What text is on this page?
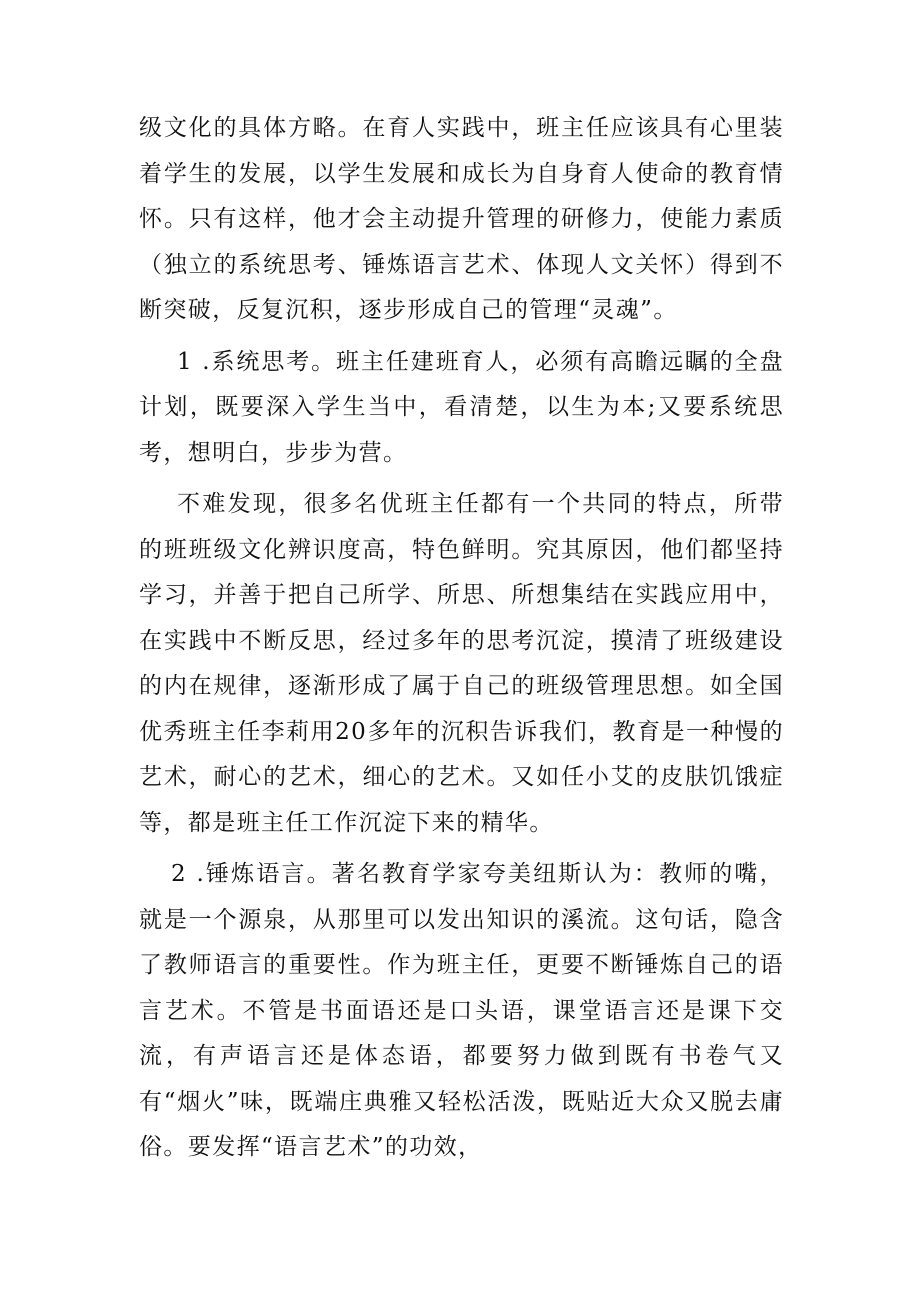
级文化的具体方略。在育人实践中，班主任应该具有心里装着学生的发展，以学生发展和成长为自身育人使命的教育情怀。只有这样，他才会主动提升管理的研修力，使能力素质（独立的系统思考、锤炼语言艺术、体现人文关怀）得到不断突破，反复沉积，逐步形成自己的管理“灵魂”。

1 .系统思考。班主任建班育人，必须有高瞻远瞩的全盘计划，既要深入学生当中，看清楚，以生为本;又要系统思考，想明白，步步为营。

不难发现，很多名优班主任都有一个共同的特点，所带的班班级文化辨识度高，特色鲜明。究其原因，他们都坚持学习，并善于把自己所学、所思、所想集结在实践应用中，在实践中不断反思，经过多年的思考沉淀，摸清了班级建设的内在规律，逐渐形成了属于自己的班级管理思想。如全国优秀班主任李莉用20多年的沉积告诉我们，教育是一种慢的艺术，耐心的艺术，细心的艺术。又如任小艾的皮肤饥饿症等，都是班主任工作沉淀下来的精华。

2 .锤炼语言。著名教育学家夸美纽斯认为：教师的嘴，就是一个源泉，从那里可以发出知识的溪流。这句话，隐含了教师语言的重要性。作为班主任，更要不断锤炼自己的语言艺术。不管是书面语还是口头语，课堂语言还是课下交流，有声语言还是体态语，都要努力做到既有书卷气又有“烟火”味，既端庄典雅又轻松活泼，既贴近大众又脱去庸俗。要发挥“语言艺术”的功效，
